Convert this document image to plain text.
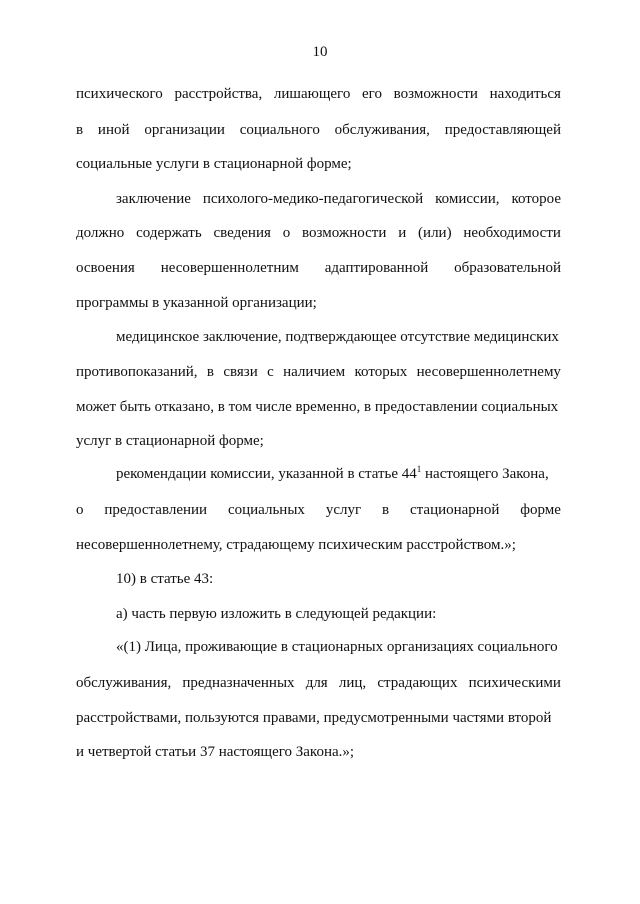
10
психического расстройства, лишающего его возможности находиться
в иной организации социального обслуживания, предоставляющей
социальные услуги в стационарной форме;
заключение психолого-медико-педагогической комиссии, которое
должно содержать сведения о возможности и (или) необходимости
освоения несовершеннолетним адаптированной образовательной
программы в указанной организации;
медицинское заключение, подтверждающее отсутствие медицинских
противопоказаний, в связи с наличием которых несовершеннолетнему
может быть отказано, в том числе временно, в предоставлении социальных
услуг в стационарной форме;
рекомендации комиссии, указанной в статье $44^1$ настоящего Закона,
о предоставлении социальных услуг в стационарной форме
несовершеннолетнему, страдающему психическим расстройством.»;
10) в статье 43:
а) часть первую изложить в следующей редакции:
«(1) Лица, проживающие в стационарных организациях социального
обслуживания, предназначенных для лиц, страдающих психическими
расстройствами, пользуются правами, предусмотренными частями второй
и четвертой статьи 37 настоящего Закона.»;
